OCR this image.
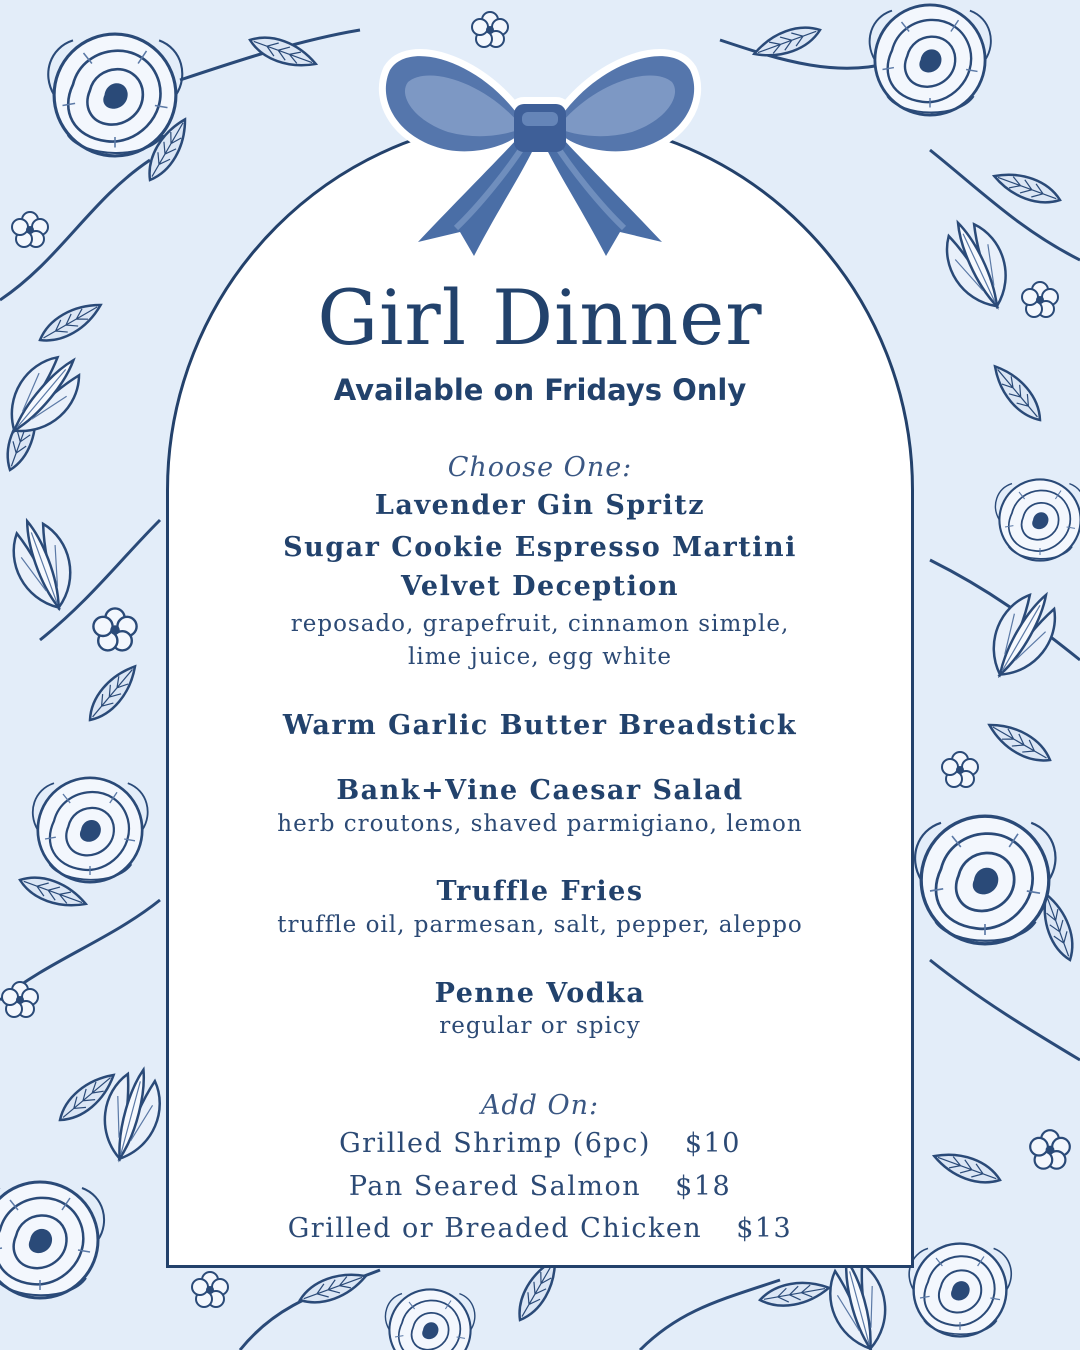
Girl Dinner
Available on Fridays Only
Choose One:
Lavender Gin Spritz
Sugar Cookie Espresso Martini
Velvet Deception
reposado, grapefruit, cinnamon simple,
lime juice, egg white
Warm Garlic Butter Breadstick
Bank+Vine Caesar Salad
herb croutons, shaved parmigiano, lemon
Truffle Fries
truffle oil, parmesan, salt, pepper, aleppo
Penne Vodka
regular or spicy
Add On:
Grilled Shrimp (6pc) $10
Pan Seared Salmon $18
Grilled or Breaded Chicken $13
